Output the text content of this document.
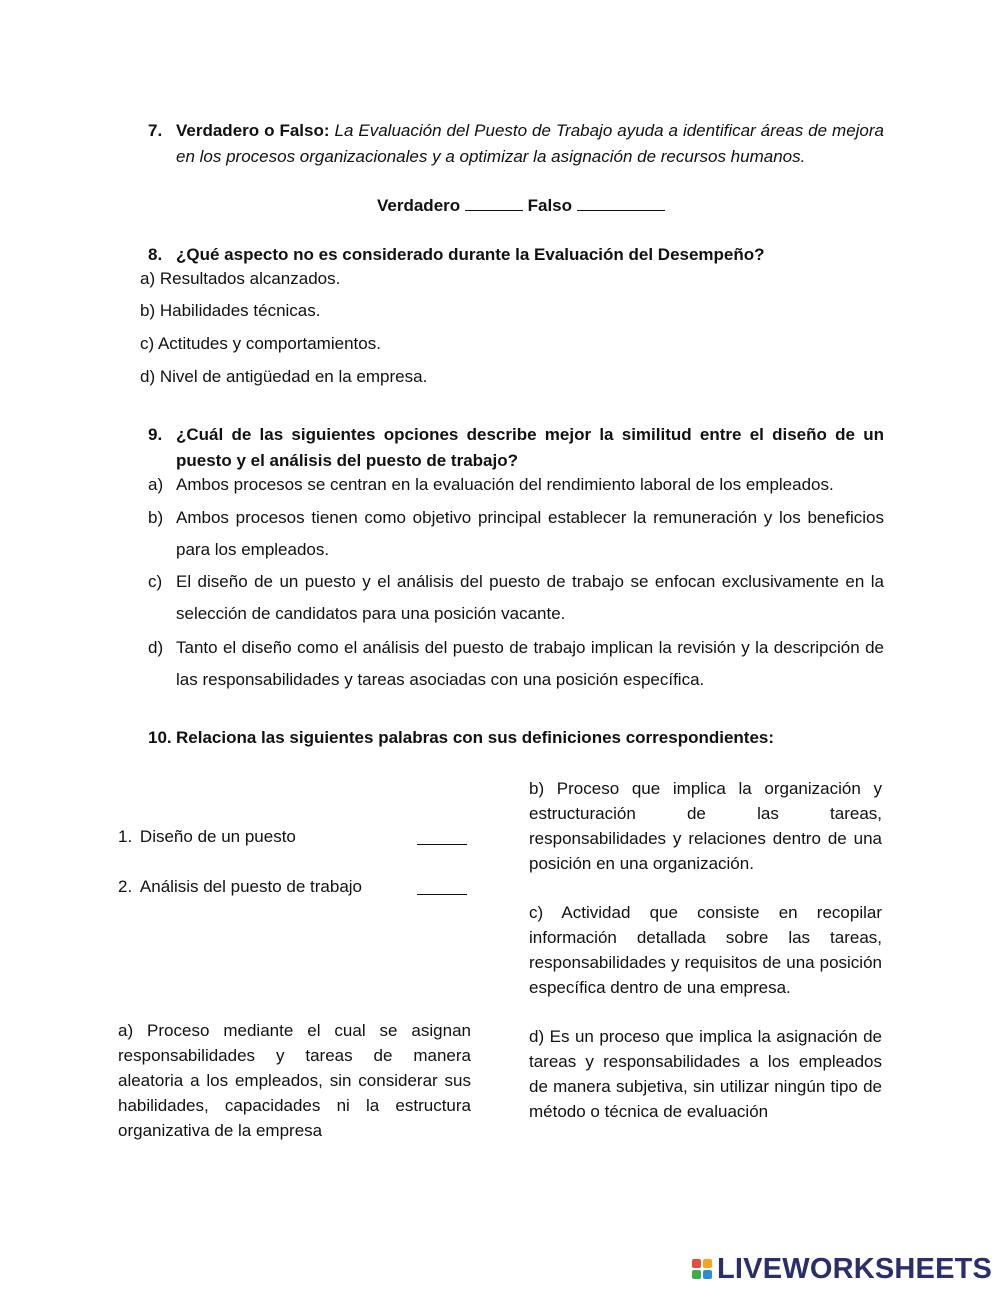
7. Verdadero o Falso: La Evaluación del Puesto de Trabajo ayuda a identificar áreas de mejora en los procesos organizacionales y a optimizar la asignación de recursos humanos.
Verdadero	Falso
8. ¿Qué aspecto no es considerado durante la Evaluación del Desempeño?
a) Resultados alcanzados.
b) Habilidades técnicas.
c) Actitudes y comportamientos.
d) Nivel de antigüedad en la empresa.
9. ¿Cuál de las siguientes opciones describe mejor la similitud entre el diseño de un puesto y el análisis del puesto de trabajo?
a) Ambos procesos se centran en la evaluación del rendimiento laboral de los empleados.
b) Ambos procesos tienen como objetivo principal establecer la remuneración y los beneficios para los empleados.
c) El diseño de un puesto y el análisis del puesto de trabajo se enfocan exclusivamente en la selección de candidatos para una posición vacante.
d) Tanto el diseño como el análisis del puesto de trabajo implican la revisión y la descripción de las responsabilidades y tareas asociadas con una posición específica.
10. Relaciona las siguientes palabras con sus definiciones correspondientes:
1. Diseño de un puesto
2. Análisis del puesto de trabajo
b) Proceso que implica la organización y estructuración de las tareas, responsabilidades y relaciones dentro de una posición en una organización.
c) Actividad que consiste en recopilar información detallada sobre las tareas, responsabilidades y requisitos de una posición específica dentro de una empresa.
a) Proceso mediante el cual se asignan responsabilidades y tareas de manera aleatoria a los empleados, sin considerar sus habilidades, capacidades ni la estructura organizativa de la empresa
d) Es un proceso que implica la asignación de tareas y responsabilidades a los empleados de manera subjetiva, sin utilizar ningún tipo de método o técnica de evaluación
LIVEWORKSHEETS
